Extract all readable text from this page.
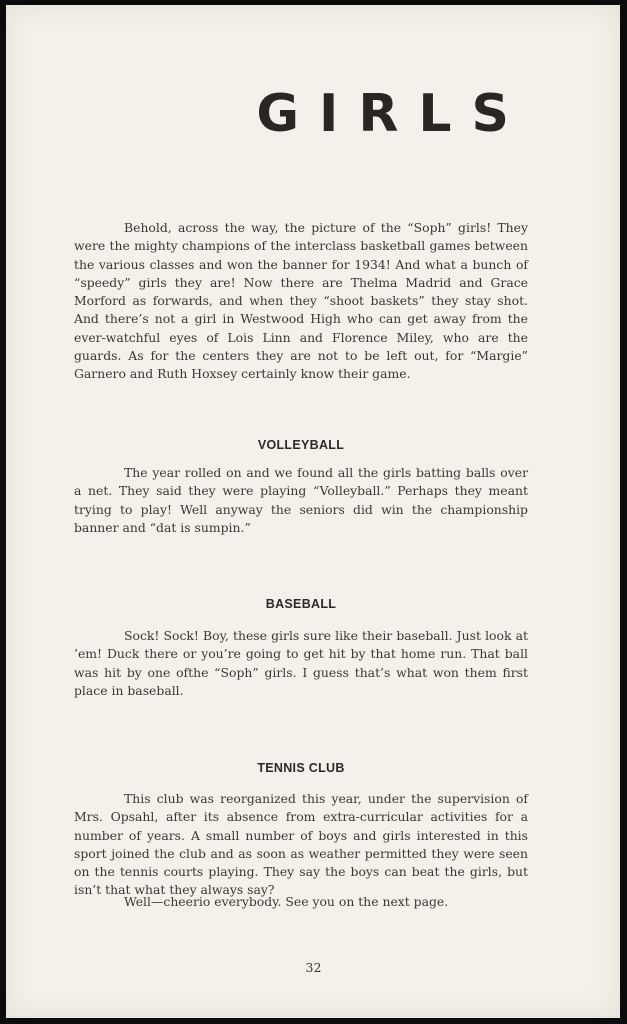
GIRLS

Behold, across the way, the picture of the “Soph” girls! They were the mighty champions of the interclass basketball games between the various classes and won the banner for 1934! And what a bunch of “speedy” girls they are! Now there are Thelma Madrid and Grace Morford as forwards, and when they “shoot baskets” they stay shot. And there’s not a girl in Westwood High who can get away from the ever-watchful eyes of Lois Linn and Florence Miley, who are the guards. As for the centers they are not to be left out, for “Margie” Garnero and Ruth Hoxsey certainly know their game.

VOLLEYBALL

The year rolled on and we found all the girls batting balls over a net. They said they were playing “Volleyball.” Perhaps they meant trying to play! Well anyway the seniors did win the championship banner and “dat is sumpin.”

BASEBALL

Sock! Sock! Boy, these girls sure like their baseball. Just look at ’em! Duck there or you’re going to get hit by that home run. That ball was hit by one ofthe “Soph” girls. I guess that’s what won them first place in baseball.

TENNIS CLUB

This club was reorganized this year, under the supervision of Mrs. Opsahl, after its absence from extra-curricular activities for a number of years. A small number of boys and girls interested in this sport joined the club and as soon as weather permitted they were seen on the tennis courts playing. They say the boys can beat the girls, but isn’t that what they always say?

Well—cheerio everybody. See you on the next page.

32
